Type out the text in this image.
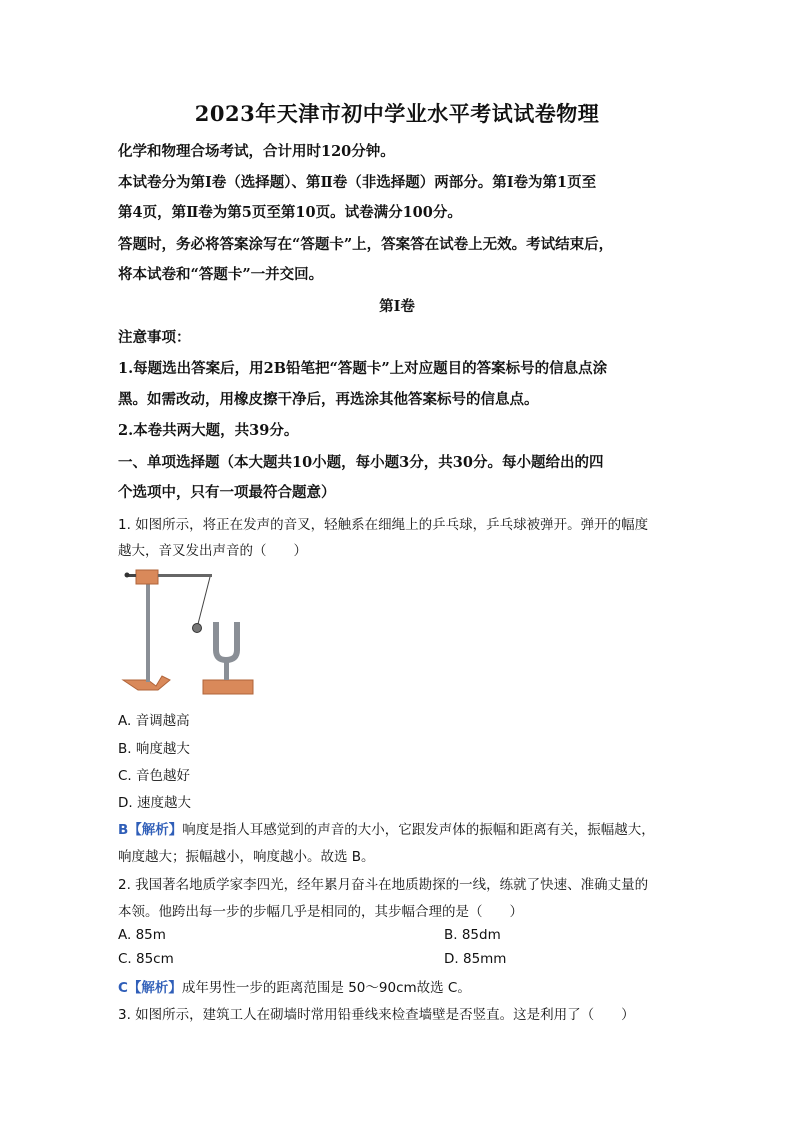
2023年天津市初中学业水平考试试卷物理
化学和物理合场考试，合计用时120分钟。
本试卷分为第Ⅰ卷（选择题）、第Ⅱ卷（非选择题）两部分。第Ⅰ卷为第1页至
第4页，第Ⅱ卷为第5页至第10页。试卷满分100分。
答题时，务必将答案涂写在“答题卡”上，答案答在试卷上无效。考试结束后，
将本试卷和“答题卡”一并交回。
第Ⅰ卷
注意事项：
1.每题选出答案后，用2B铅笔把“答题卡”上对应题目的答案标号的信息点涂
黑。如需改动，用橡皮擦干净后，再选涂其他答案标号的信息点。
2.本卷共两大题，共39分。
一、单项选择题（本大题共10小题，每小题3分，共30分。每小题给出的四
个选项中，只有一项最符合题意）
1. 如图所示，将正在发声的音叉，轻触系在细绳上的乒乓球，乒乓球被弹开。弹开的幅度
越大，音叉发出声音的（　　）
A. 音调越高
B. 响度越大
C. 音色越好
D. 速度越大
B【解析】响度是指人耳感觉到的声音的大小，它跟发声体的振幅和距离有关，振幅越大，
响度越大；振幅越小，响度越小。故选 B。
2. 我国著名地质学家李四光，经年累月奋斗在地质勘探的一线，练就了快速、准确丈量的
本领。他跨出每一步的步幅几乎是相同的，其步幅合理的是（　　）
A. 85m	B. 85dm
C. 85cm	D. 85mm
C【解析】成年男性一步的距离范围是 50～90cm故选 C。
3. 如图所示，建筑工人在砌墙时常用铅垂线来检查墙壁是否竖直。这是利用了（　　）
